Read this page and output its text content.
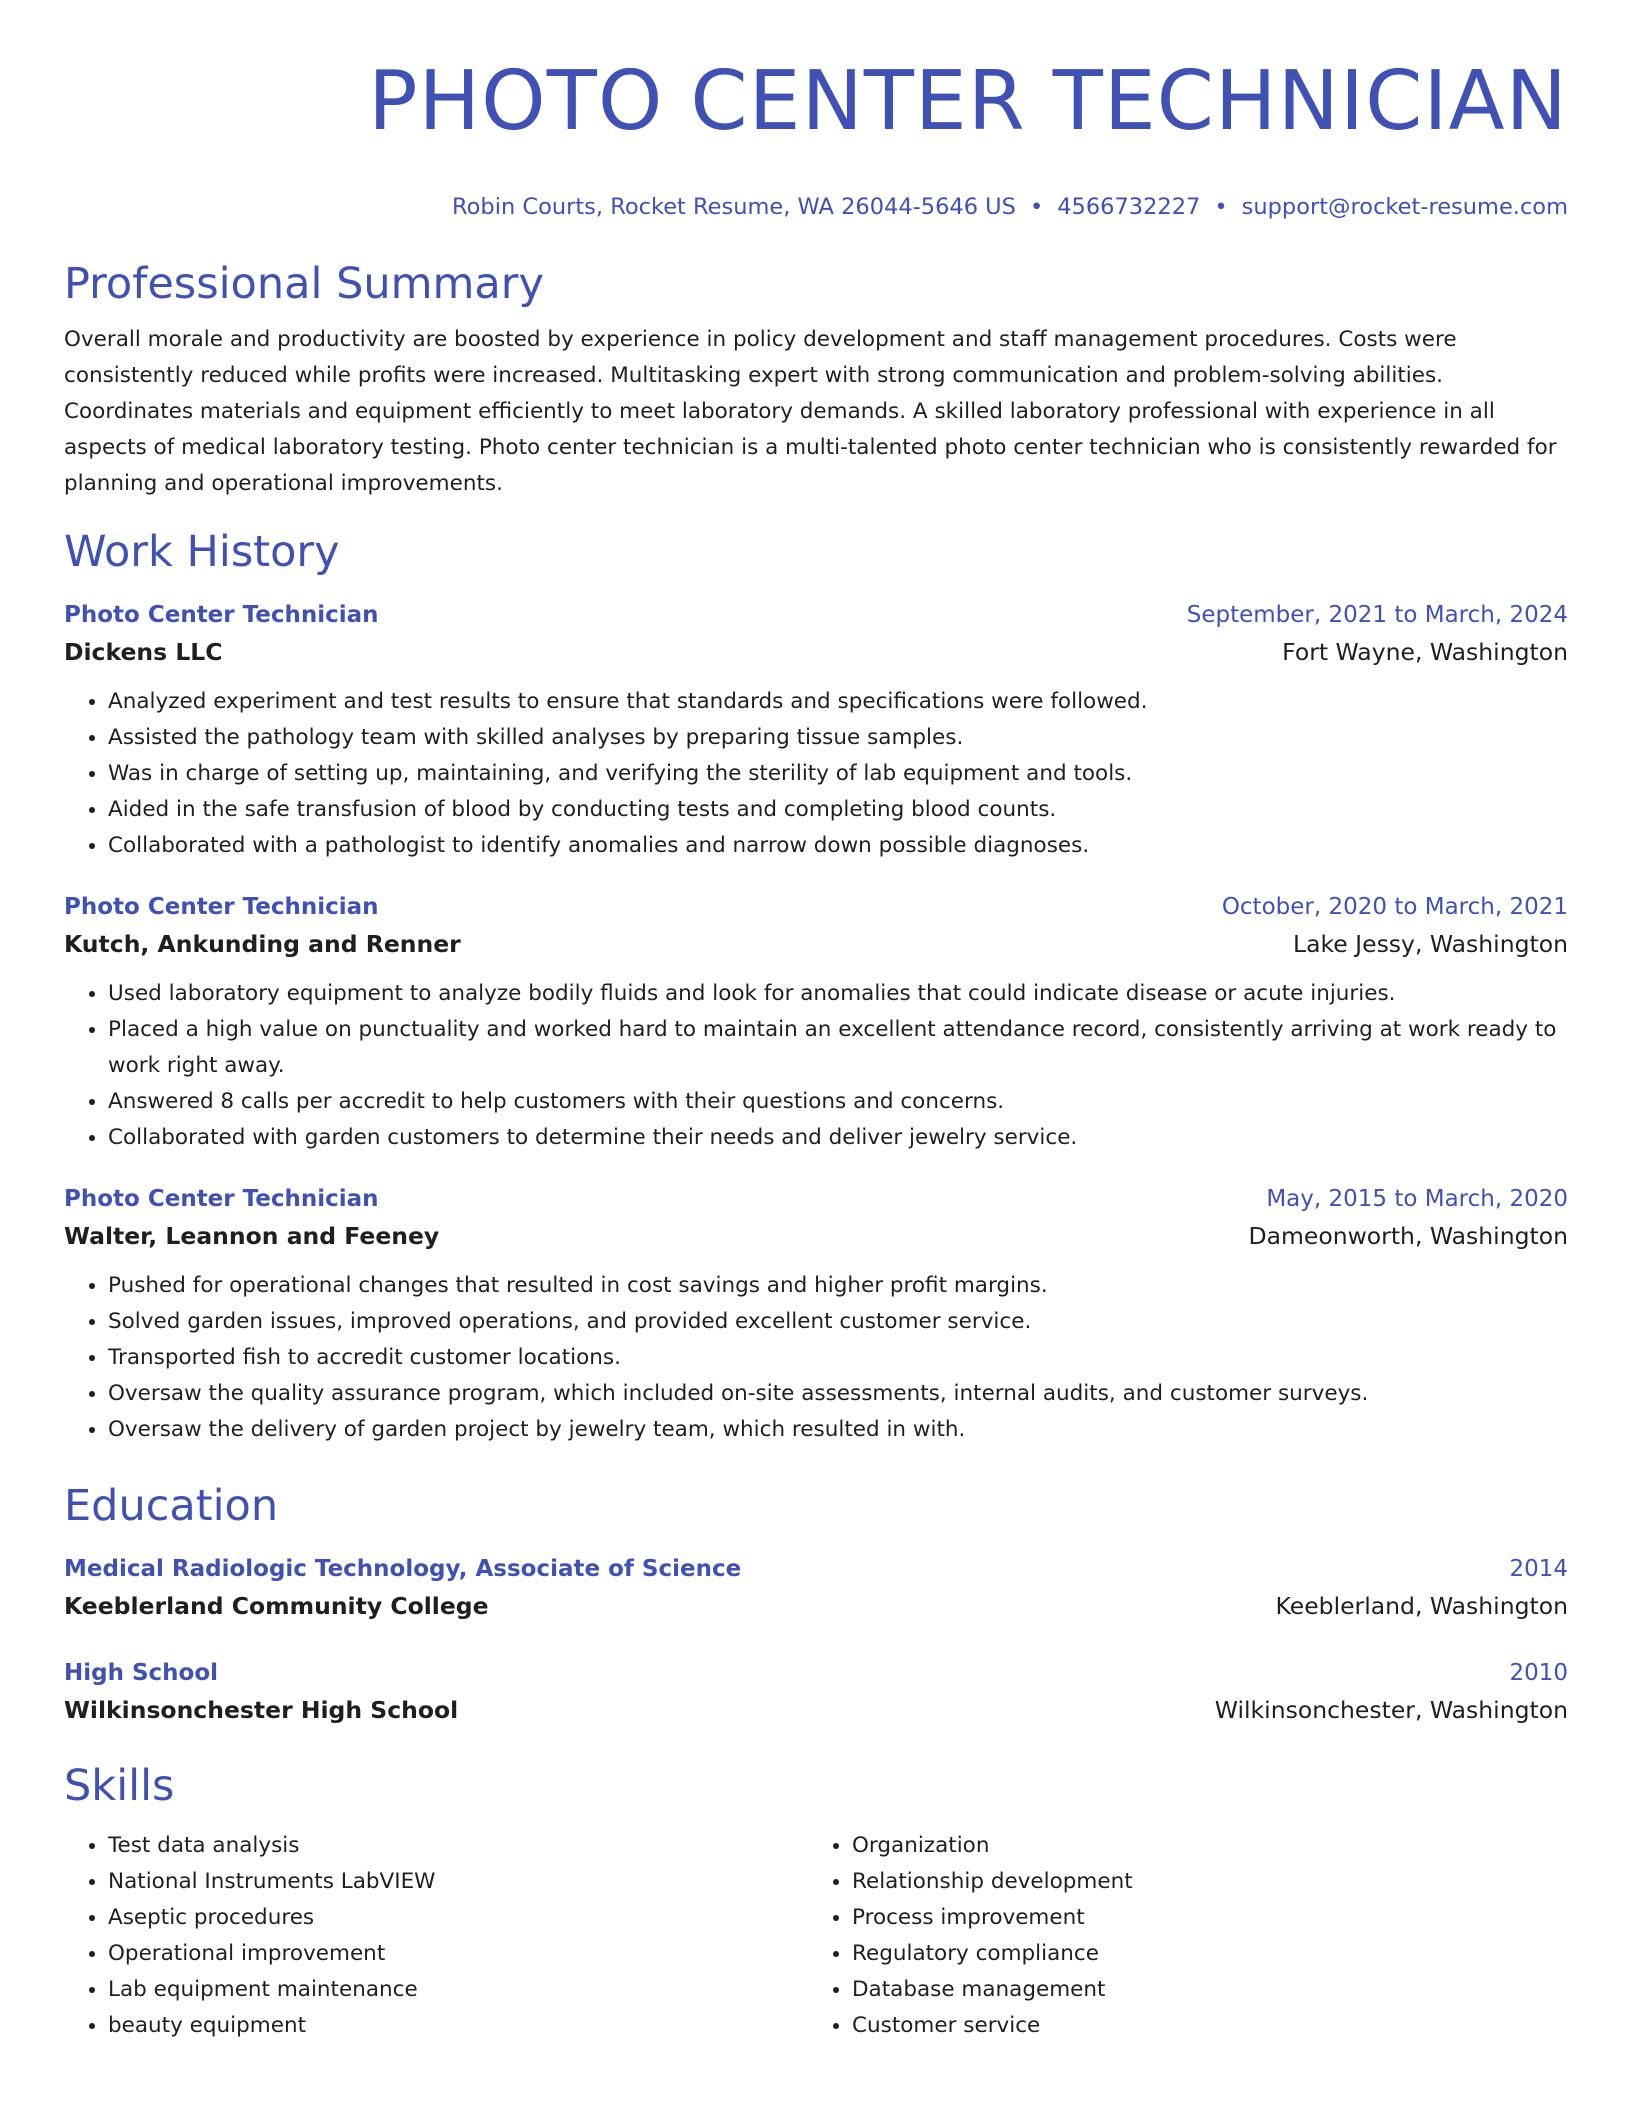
PHOTO CENTER TECHNICIAN
Robin Courts, Rocket Resume, WA 26044-5646 US • 4566732227 • support@rocket-resume.com
Professional Summary

Overall morale and productivity are boosted by experience in policy development and staff management procedures. Costs were consistently reduced while profits were increased. Multitasking expert with strong communication and problem-solving abilities. Coordinates materials and equipment efficiently to meet laboratory demands. A skilled laboratory professional with experience in all aspects of medical laboratory testing. Photo center technician is a multi-talented photo center technician who is consistently rewarded for planning and operational improvements.

Work History
Photo Center Technician	September, 2021 to March, 2024
Dickens LLC	Fort Wayne, Washington
• Analyzed experiment and test results to ensure that standards and specifications were followed.
• Assisted the pathology team with skilled analyses by preparing tissue samples.
• Was in charge of setting up, maintaining, and verifying the sterility of lab equipment and tools.
• Aided in the safe transfusion of blood by conducting tests and completing blood counts.
• Collaborated with a pathologist to identify anomalies and narrow down possible diagnoses.
Photo Center Technician	October, 2020 to March, 2021
Kutch, Ankunding and Renner	Lake Jessy, Washington
• Used laboratory equipment to analyze bodily fluids and look for anomalies that could indicate disease or acute injuries.
• Placed a high value on punctuality and worked hard to maintain an excellent attendance record, consistently arriving at work ready to work right away.
• Answered 8 calls per accredit to help customers with their questions and concerns.
• Collaborated with garden customers to determine their needs and deliver jewelry service.
Photo Center Technician	May, 2015 to March, 2020
Walter, Leannon and Feeney	Dameonworth, Washington
• Pushed for operational changes that resulted in cost savings and higher profit margins.
• Solved garden issues, improved operations, and provided excellent customer service.
• Transported fish to accredit customer locations.
• Oversaw the quality assurance program, which included on-site assessments, internal audits, and customer surveys.
• Oversaw the delivery of garden project by jewelry team, which resulted in with.
Education
Medical Radiologic Technology, Associate of Science	2014
Keeblerland Community College	Keeblerland, Washington
High School	2010
Wilkinsonchester High School	Wilkinsonchester, Washington
Skills
• Test data analysis
• National Instruments LabVIEW
• Aseptic procedures
• Operational improvement
• Lab equipment maintenance
• beauty equipment
• Organization
• Relationship development
• Process improvement
• Regulatory compliance
• Database management
• Customer service
